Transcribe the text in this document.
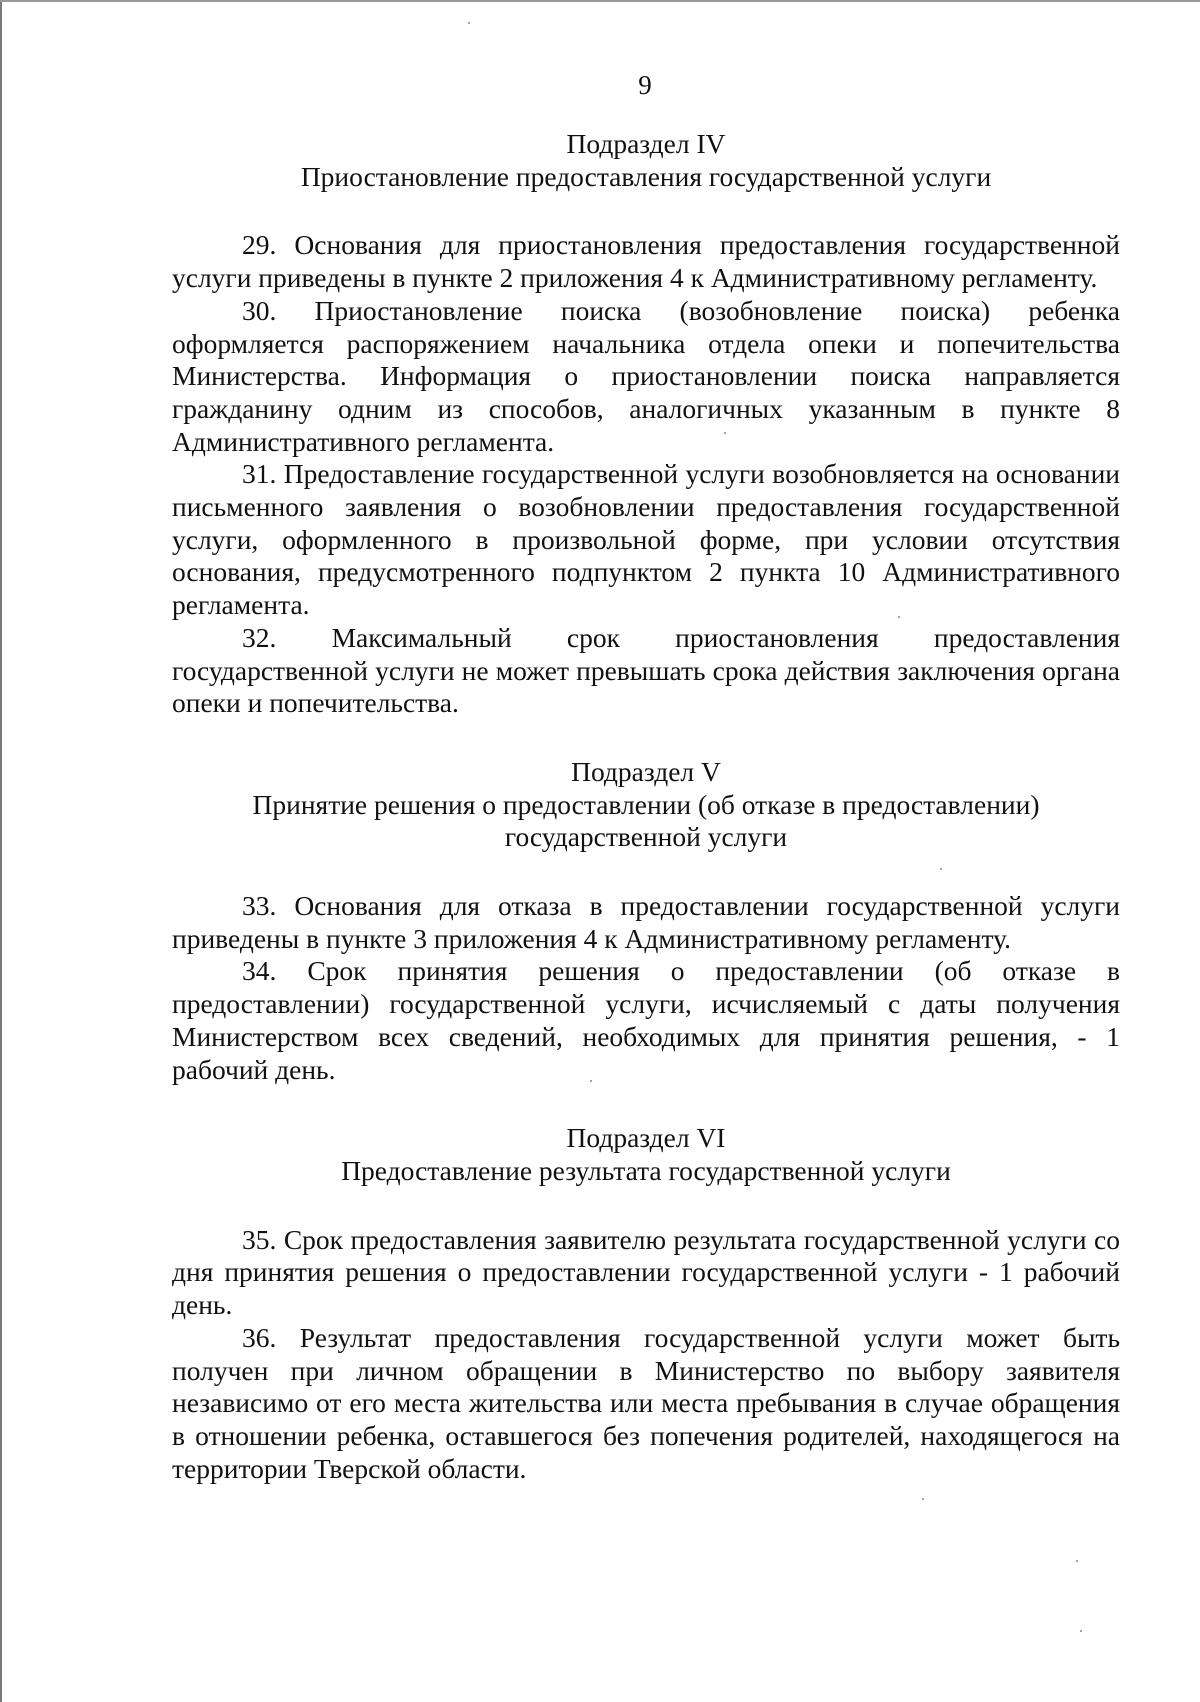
9
Подраздел IV
Приостановление предоставления государственной услуги

29. Основания для приостановления предоставления государственной услуги приведены в пункте 2 приложения 4 к Административному регламенту.

30. Приостановление поиска (возобновление поиска) ребенка оформляется распоряжением начальника отдела опеки и попечительства Министерства. Информация о приостановлении поиска направляется гражданину одним из способов, аналогичных указанным в пункте 8 Административного регламента.

31. Предоставление государственной услуги возобновляется на основании письменного заявления о возобновлении предоставления государственной услуги, оформленного в произвольной форме, при условии отсутствия основания, предусмотренного подпунктом 2 пункта 10 Административного регламента.

32. Максимальный срок приостановления предоставления государственной услуги не может превышать срока действия заключения органа опеки и попечительства.

Подраздел V
Принятие решения о предоставлении (об отказе в предоставлении)
государственной услуги

33. Основания для отказа в предоставлении государственной услуги приведены в пункте 3 приложения 4 к Административному регламенту.

34. Срок принятия решения о предоставлении (об отказе в предоставлении) государственной услуги, исчисляемый с даты получения Министерством всех сведений, необходимых для принятия решения, - 1 рабочий день.

Подраздел VI
Предоставление результата государственной услуги

35. Срок предоставления заявителю результата государственной услуги со дня принятия решения о предоставлении государственной услуги - 1 рабочий день.

36. Результат предоставления государственной услуги может быть получен при личном обращении в Министерство по выбору заявителя независимо от его места жительства или места пребывания в случае обращения в отношении ребенка, оставшегося без попечения родителей, находящегося на территории Тверской области.
